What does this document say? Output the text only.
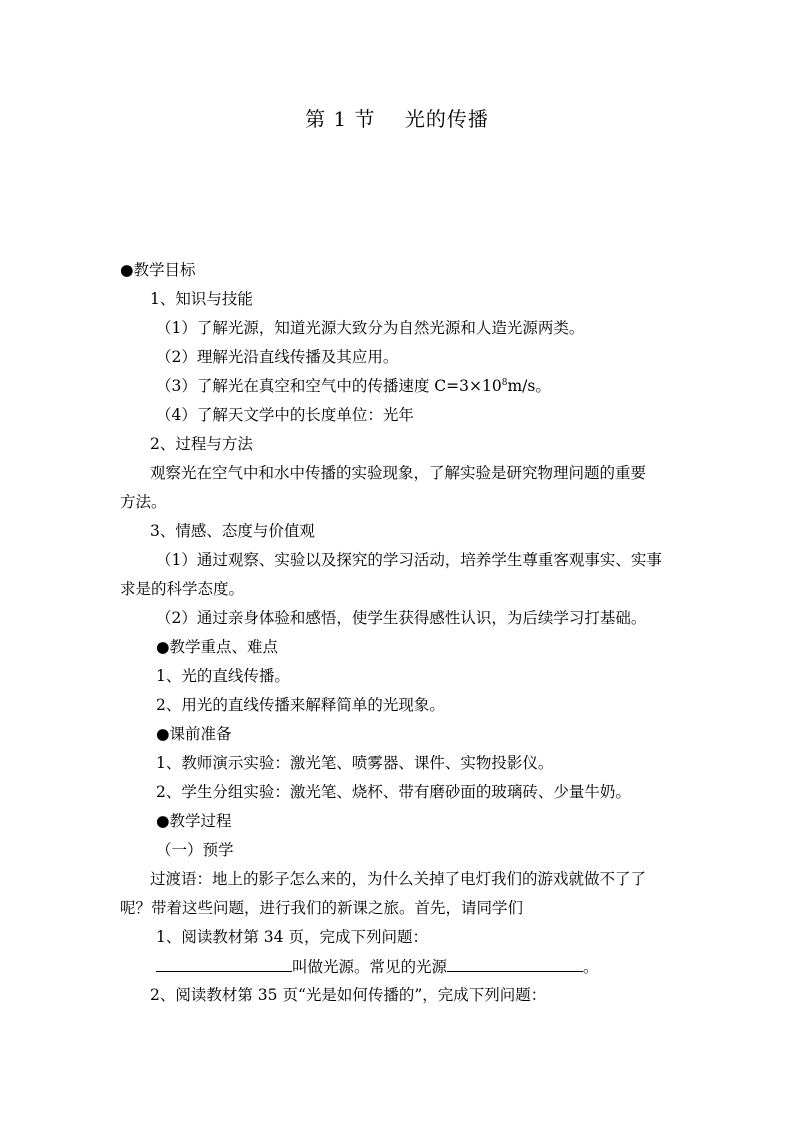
第 1 节    光的传播
●教学目标
1、知识与技能
（1）了解光源，知道光源大致分为自然光源和人造光源两类。
（2）理解光沿直线传播及其应用。
（3）了解光在真空和空气中的传播速度 $C=3\times 10^8m/s$。
（4）了解天文学中的长度单位：光年
2、过程与方法
观察光在空气中和水中传播的实验现象，了解实验是研究物理问题的重要
方法。
3、情感、态度与价值观
（1）通过观察、实验以及探究的学习活动，培养学生尊重客观事实、实事
求是的科学态度。
（2）通过亲身体验和感悟，使学生获得感性认识，为后续学习打基础。
●教学重点、难点
1、光的直线传播。
2、用光的直线传播来解释简单的光现象。
●课前准备
1、教师演示实验：激光笔、喷雾器、课件、实物投影仪。
2、学生分组实验：激光笔、烧杯、带有磨砂面的玻璃砖、少量牛奶。
●教学过程
（一）预学
过渡语：地上的影子怎么来的，为什么关掉了电灯我们的游戏就做不了了
呢？带着这些问题，进行我们的新课之旅。首先，请同学们
1、阅读教材第 34 页，完成下列问题：
叫做光源。常见的光源	。
2、阅读教材第 35 页“光是如何传播的”，完成下列问题：
